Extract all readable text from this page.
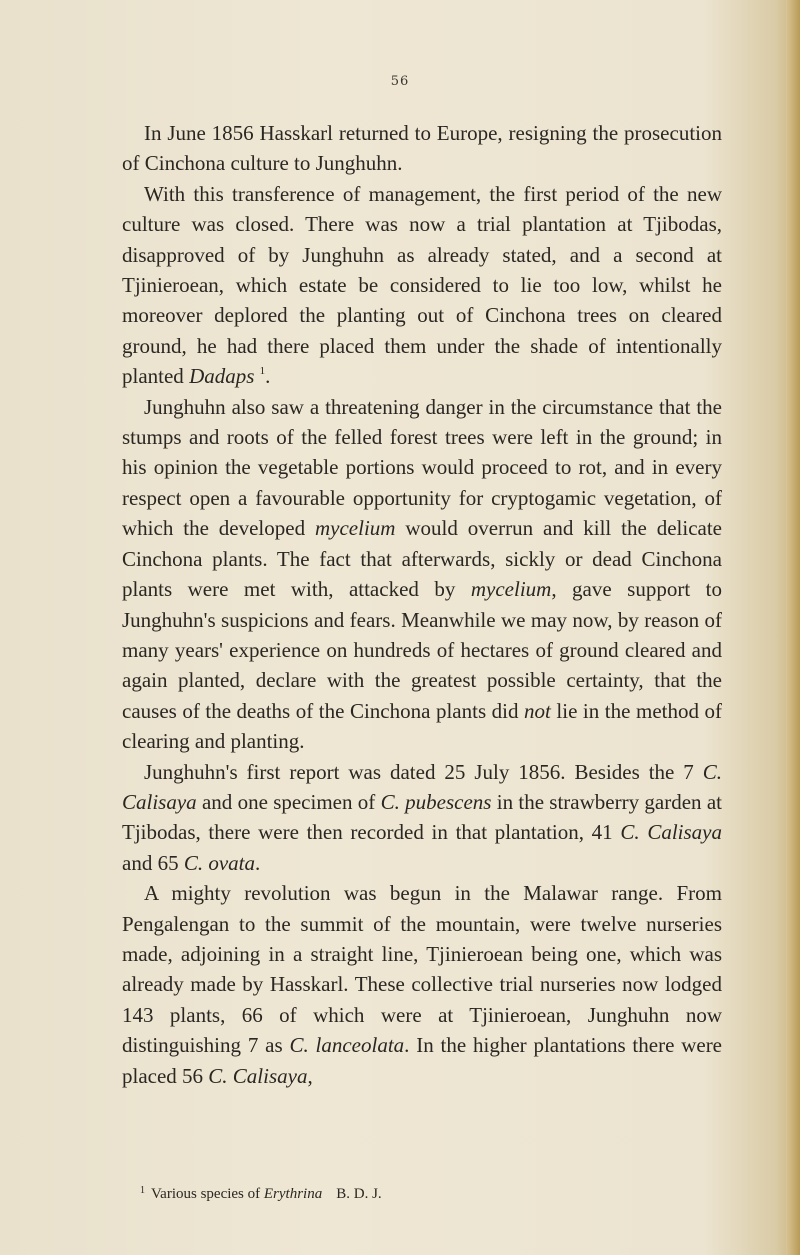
56

In June 1856 Hasskarl returned to Europe, resigning the prosecution of Cinchona culture to Junghuhn.

With this transference of management, the first period of the new culture was closed. There was now a trial plantation at Tjibodas, disapproved of by Junghuhn as already stated, and a second at Tjinieroean, which estate be considered to lie too low, whilst he moreover deplored the planting out of Cinchona trees on cleared ground, he had there placed them under the shade of intentionally planted Dadaps $^1$.

Junghuhn also saw a threatening danger in the circumstance that the stumps and roots of the felled forest trees were left in the ground; in his opinion the vegetable portions would proceed to rot, and in every respect open a favourable opportunity for cryptogamic vegetation, of which the developed mycelium would overrun and kill the delicate Cinchona plants. The fact that afterwards, sickly or dead Cinchona plants were met with, attacked by mycelium, gave support to Junghuhn's suspicions and fears. Meanwhile we may now, by reason of many years' experience on hundreds of hectares of ground cleared and again planted, declare with the greatest possible certainty, that the causes of the deaths of the Cinchona plants did not lie in the method of clearing and planting.

Junghuhn's first report was dated 25 July 1856. Besides the 7 C. Calisaya and one specimen of C. pubescens in the strawberry garden at Tjibodas, there were then recorded in that plantation, 41 C. Calisaya and 65 C. ovata.

A mighty revolution was begun in the Malawar range. From Pengalengan to the summit of the mountain, were twelve nurseries made, adjoining in a straight line, Tjinieroean being one, which was already made by Hasskarl. These collective trial nurseries now lodged 143 plants, 66 of which were at Tjinieroean, Junghuhn now distinguishing 7 as C. lanceolata. In the higher plantations there were placed 56 C. Calisaya,

$^1$ Various species of Erythrina B. D. J.
